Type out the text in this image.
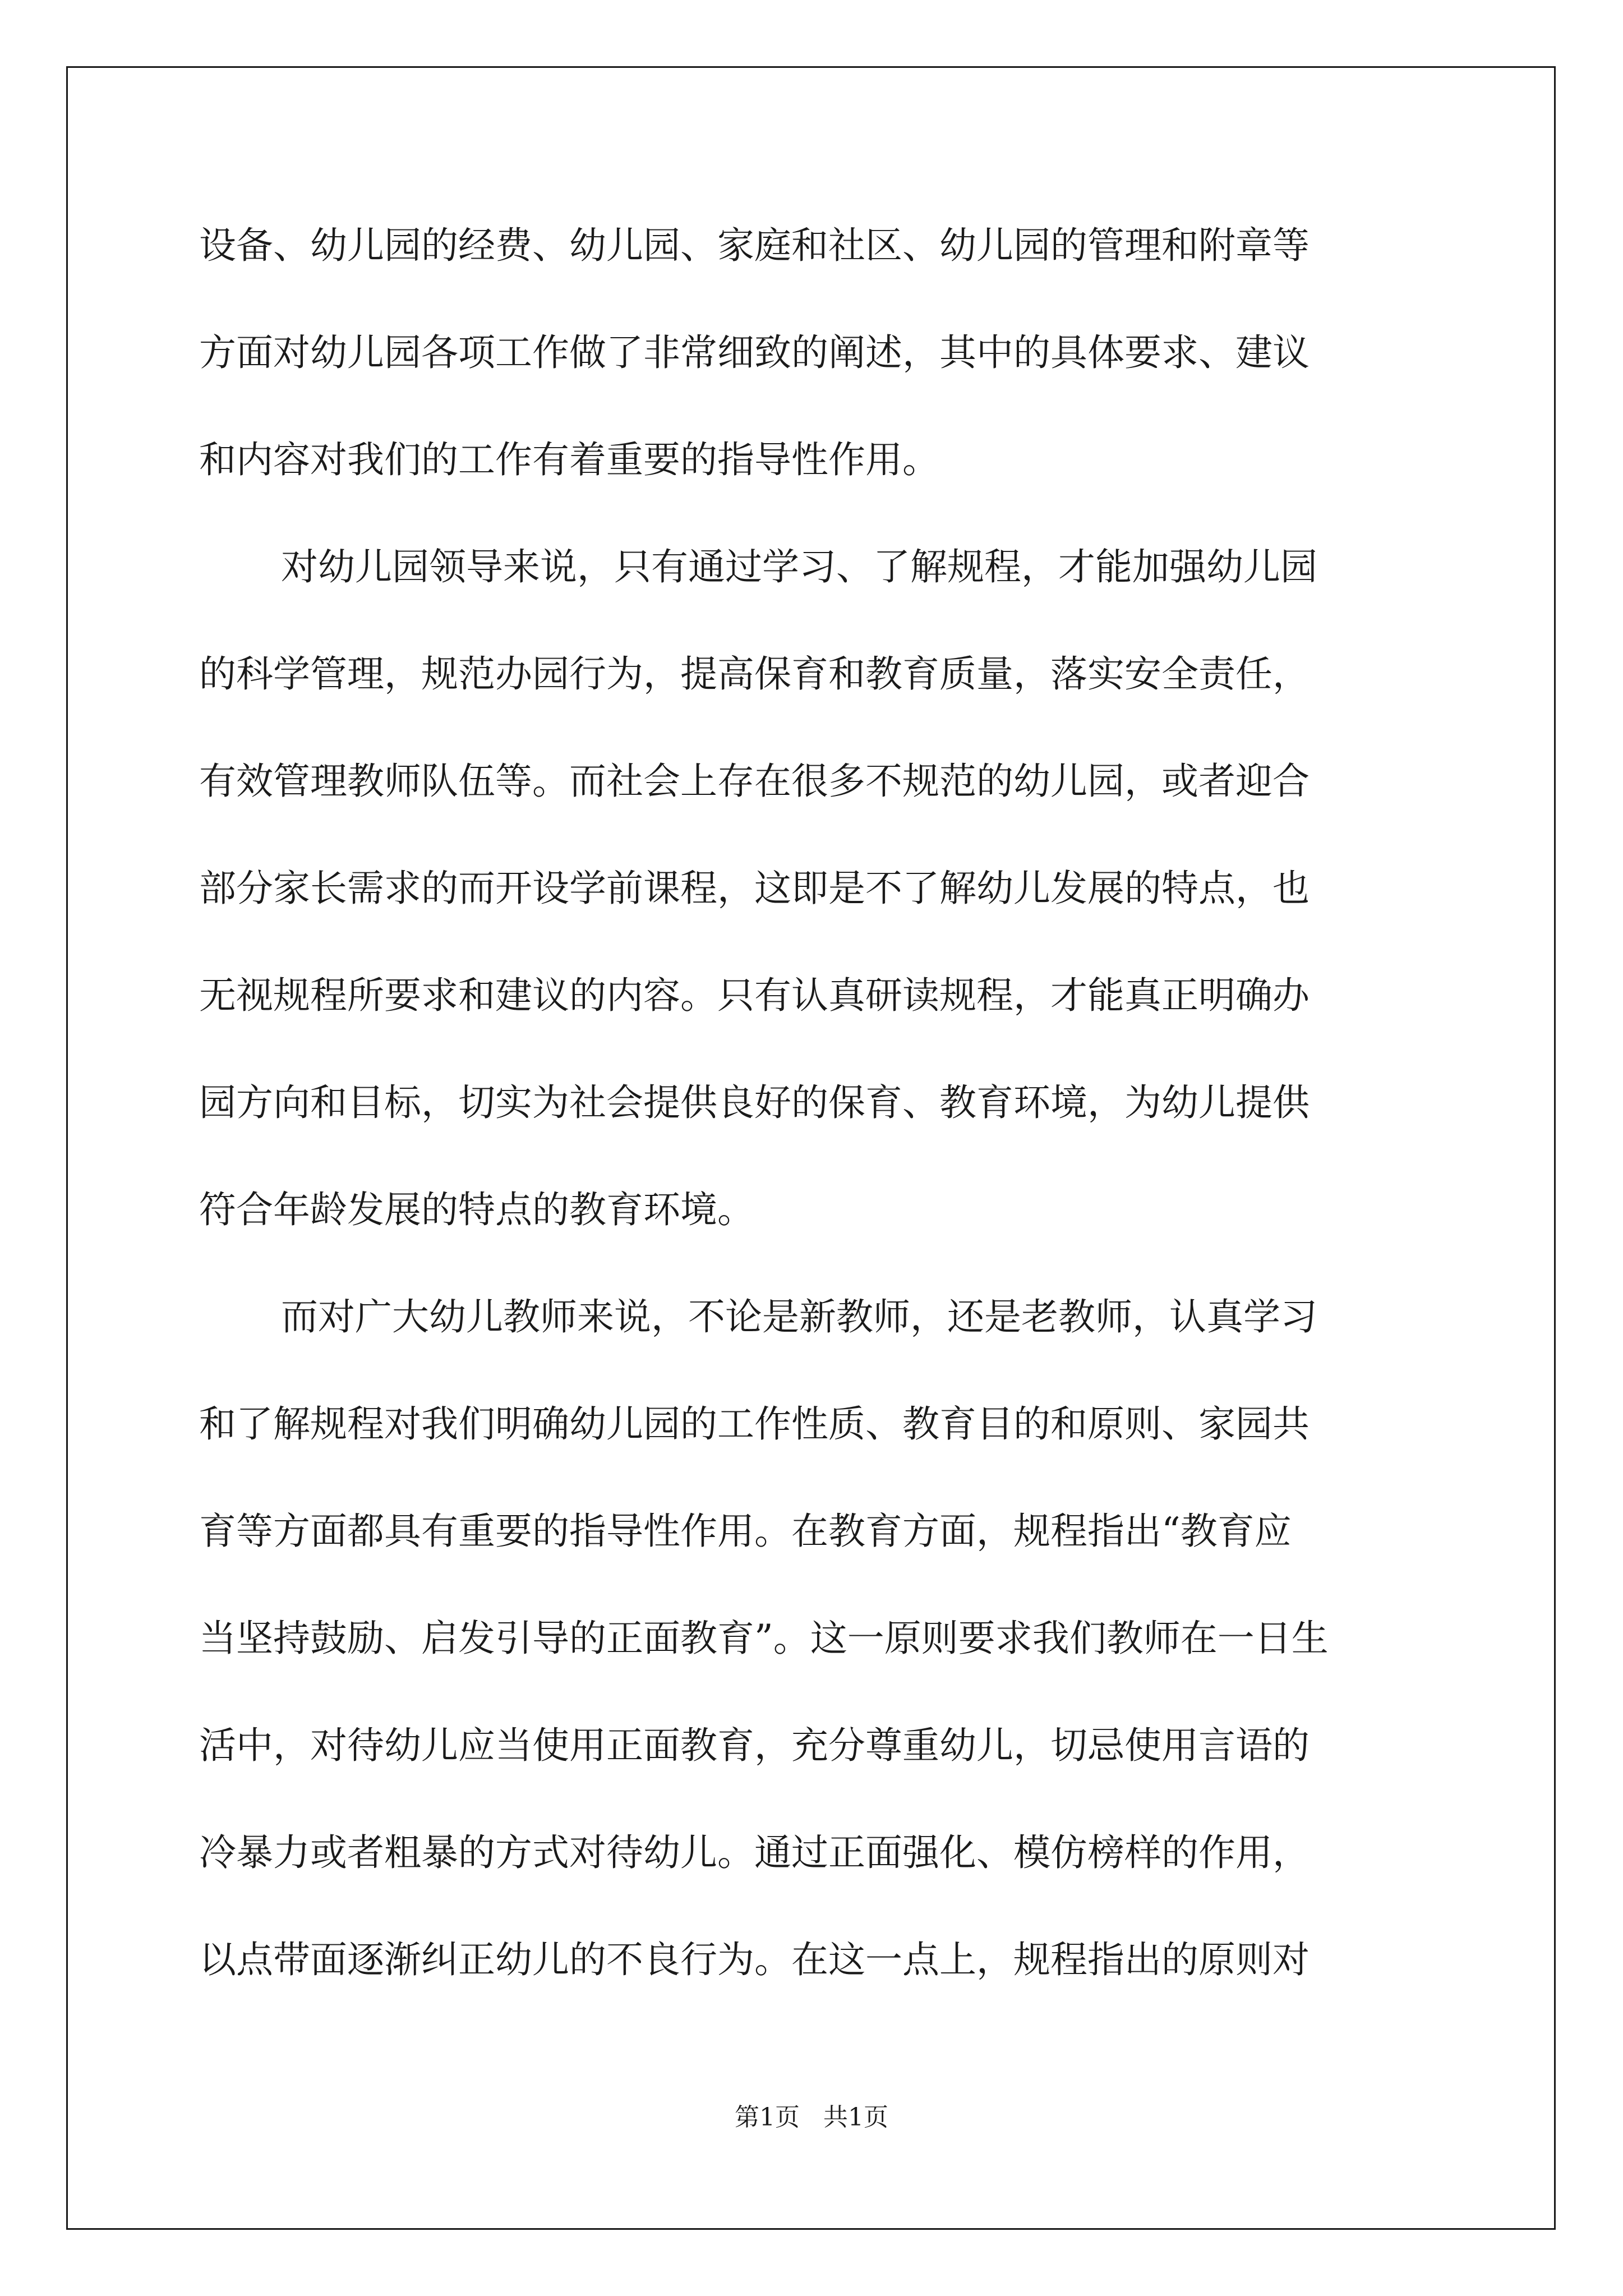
设备、幼儿园的经费、幼儿园、家庭和社区、幼儿园的管理和附章等
方面对幼儿园各项工作做了非常细致的阐述，其中的具体要求、建议
和内容对我们的工作有着重要的指导性作用。
对幼儿园领导来说，只有通过学习、了解规程，才能加强幼儿园
的科学管理，规范办园行为，提高保育和教育质量，落实安全责任，
有效管理教师队伍等。而社会上存在很多不规范的幼儿园，或者迎合
部分家长需求的而开设学前课程，这即是不了解幼儿发展的特点，也
无视规程所要求和建议的内容。只有认真研读规程，才能真正明确办
园方向和目标，切实为社会提供良好的保育、教育环境，为幼儿提供
符合年龄发展的特点的教育环境。
而对广大幼儿教师来说，不论是新教师，还是老教师，认真学习
和了解规程对我们明确幼儿园的工作性质、教育目的和原则、家园共
育等方面都具有重要的指导性作用。在教育方面，规程指出“教育应
当坚持鼓励、启发引导的正面教育”。这一原则要求我们教师在一日生
活中，对待幼儿应当使用正面教育，充分尊重幼儿，切忌使用言语的
冷暴力或者粗暴的方式对待幼儿。通过正面强化、模仿榜样的作用，
以点带面逐渐纠正幼儿的不良行为。在这一点上，规程指出的原则对
第1页   共1页
